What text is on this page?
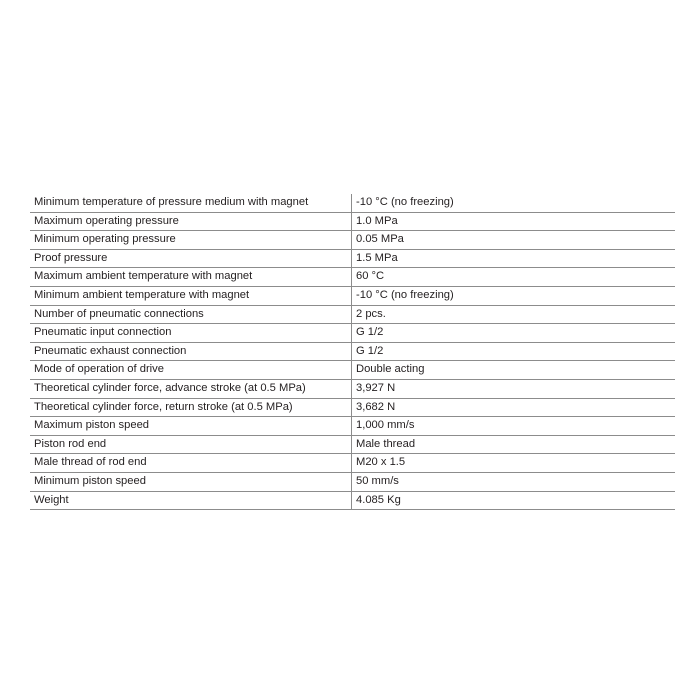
Minimum temperature of pressure medium with magnet	-10 °C (no freezing)
Maximum operating pressure	1.0 MPa
Minimum operating pressure	0.05 MPa
Proof pressure	1.5 MPa
Maximum ambient temperature with magnet	60 °C
Minimum ambient temperature with magnet	-10 °C (no freezing)
Number of pneumatic connections	2 pcs.
Pneumatic input connection	G 1/2
Pneumatic exhaust connection	G 1/2
Mode of operation of drive	Double acting
Theoretical cylinder force, advance stroke (at 0.5 MPa)	3,927 N
Theoretical cylinder force, return stroke (at 0.5 MPa)	3,682 N
Maximum piston speed	1,000 mm/s
Piston rod end	Male thread
Male thread of rod end	M20 x 1.5
Minimum piston speed	50 mm/s
Weight	4.085 Kg
